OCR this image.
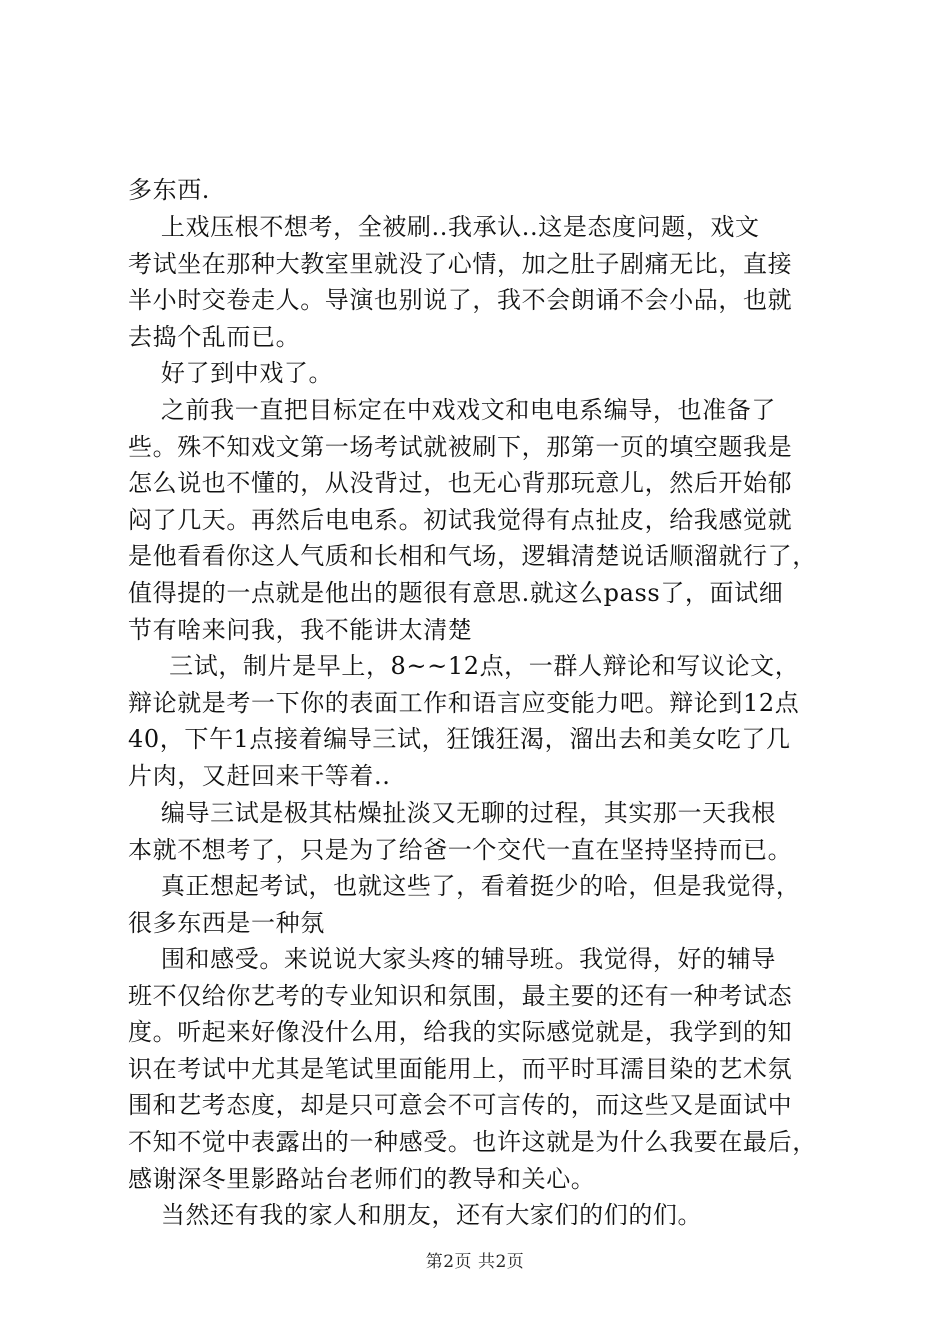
多东西.

上戏压根不想考，全被刷..我承认..这是态度问题，戏文
考试坐在那种大教室里就没了心情，加之肚子剧痛无比，直接
半小时交卷走人。导演也别说了，我不会朗诵不会小品，也就
去捣个乱而已。

好了到中戏了。

之前我一直把目标定在中戏戏文和电电系编导，也准备了
些。殊不知戏文第一场考试就被刷下，那第一页的填空题我是
怎么说也不懂的，从没背过，也无心背那玩意儿，然后开始郁
闷了几天。再然后电电系。初试我觉得有点扯皮，给我感觉就
是他看看你这人气质和长相和气场，逻辑清楚说话顺溜就行了，
值得提的一点就是他出的题很有意思.就这么pass了，面试细
节有啥来问我，我不能讲太清楚

三试，制片是早上，8~~12点，一群人辩论和写议论文，
辩论就是考一下你的表面工作和语言应变能力吧。辩论到12点
40，下午1点接着编导三试，狂饿狂渴，溜出去和美女吃了几
片肉，又赶回来干等着..

编导三试是极其枯燥扯淡又无聊的过程，其实那一天我根
本就不想考了，只是为了给爸一个交代一直在坚持坚持而已。

真正想起考试，也就这些了，看着挺少的哈，但是我觉得，
很多东西是一种氛

围和感受。来说说大家头疼的辅导班。我觉得，好的辅导
班不仅给你艺考的专业知识和氛围，最主要的还有一种考试态
度。听起来好像没什么用，给我的实际感觉就是，我学到的知
识在考试中尤其是笔试里面能用上，而平时耳濡目染的艺术氛
围和艺考态度，却是只可意会不可言传的，而这些又是面试中
不知不觉中表露出的一种感受。也许这就是为什么我要在最后，
感谢深冬里影路站台老师们的教导和关心。

当然还有我的家人和朋友，还有大家们的们的们。

第2页 共2页
